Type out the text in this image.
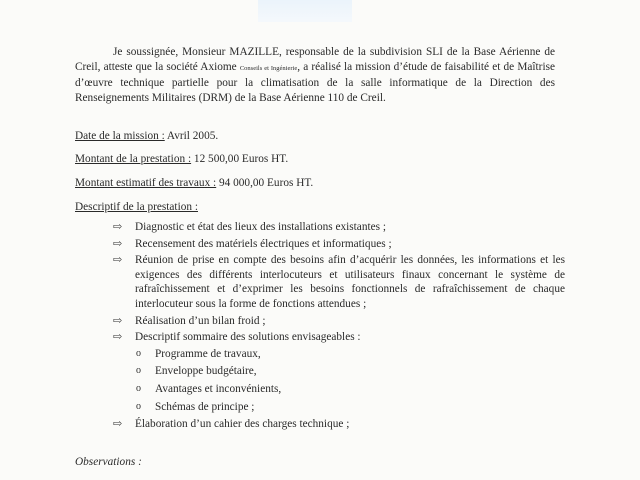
Je soussignée, Monsieur MAZILLE, responsable de la subdivision SLI de la Base Aérienne de Creil, atteste que la société Axiome Conseils et Ingénierie, a réalisé la mission d’étude de faisabilité et de Maîtrise d’œuvre technique partielle pour la climatisation de la salle informatique de la Direction des Renseignements Militaires (DRM) de la Base Aérienne 110 de Creil.

Date de la mission : Avril 2005.
Montant de la prestation : 12 500,00 Euros HT.
Montant estimatif des travaux : 94 000,00 Euros HT.
Descriptif de la prestation :
⇨ Diagnostic et état des lieux des installations existantes ;
⇨ Recensement des matériels électriques et informatiques ;
⇨ Réunion de prise en compte des besoins afin d’acquérir les données, les informations et les exigences des différents interlocuteurs et utilisateurs finaux concernant le système de rafraîchissement et d’exprimer les besoins fonctionnels de rafraîchissement de chaque interlocuteur sous la forme de fonctions attendues ;
⇨ Réalisation d’un bilan froid ;
⇨ Descriptif sommaire des solutions envisageables :
o Programme de travaux,
o Enveloppe budgétaire,
o Avantages et inconvénients,
o Schémas de principe ;
⇨ Élaboration d’un cahier des charges technique ;
Observations :
